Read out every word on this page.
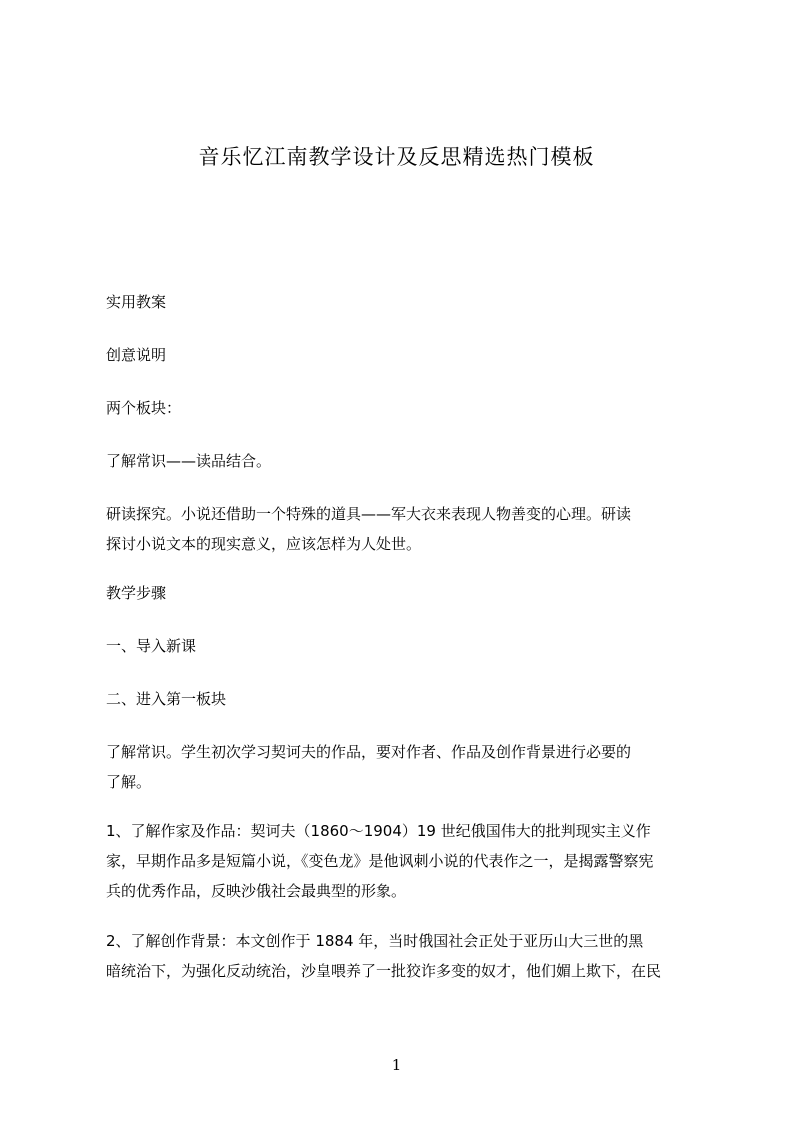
音乐忆江南教学设计及反思精选热门模板
实用教案
创意说明
两个板块：
了解常识——读品结合。
研读探究。小说还借助一个特殊的道具——军大衣来表现人物善变的心理。研读
探讨小说文本的现实意义，应该怎样为人处世。
教学步骤
一、导入新课
二、进入第一板块
了解常识。学生初次学习契诃夫的作品，要对作者、作品及创作背景进行必要的
了解。
1、了解作家及作品：契诃夫（1860～1904）19 世纪俄国伟大的批判现实主义作
家，早期作品多是短篇小说，《变色龙》是他讽刺小说的代表作之一，是揭露警察宪
兵的优秀作品，反映沙俄社会最典型的形象。
2、了解创作背景：本文创作于 1884 年，当时俄国社会正处于亚历山大三世的黑
暗统治下，为强化反动统治，沙皇喂养了一批狡诈多变的奴才，他们媚上欺下，在民
1
